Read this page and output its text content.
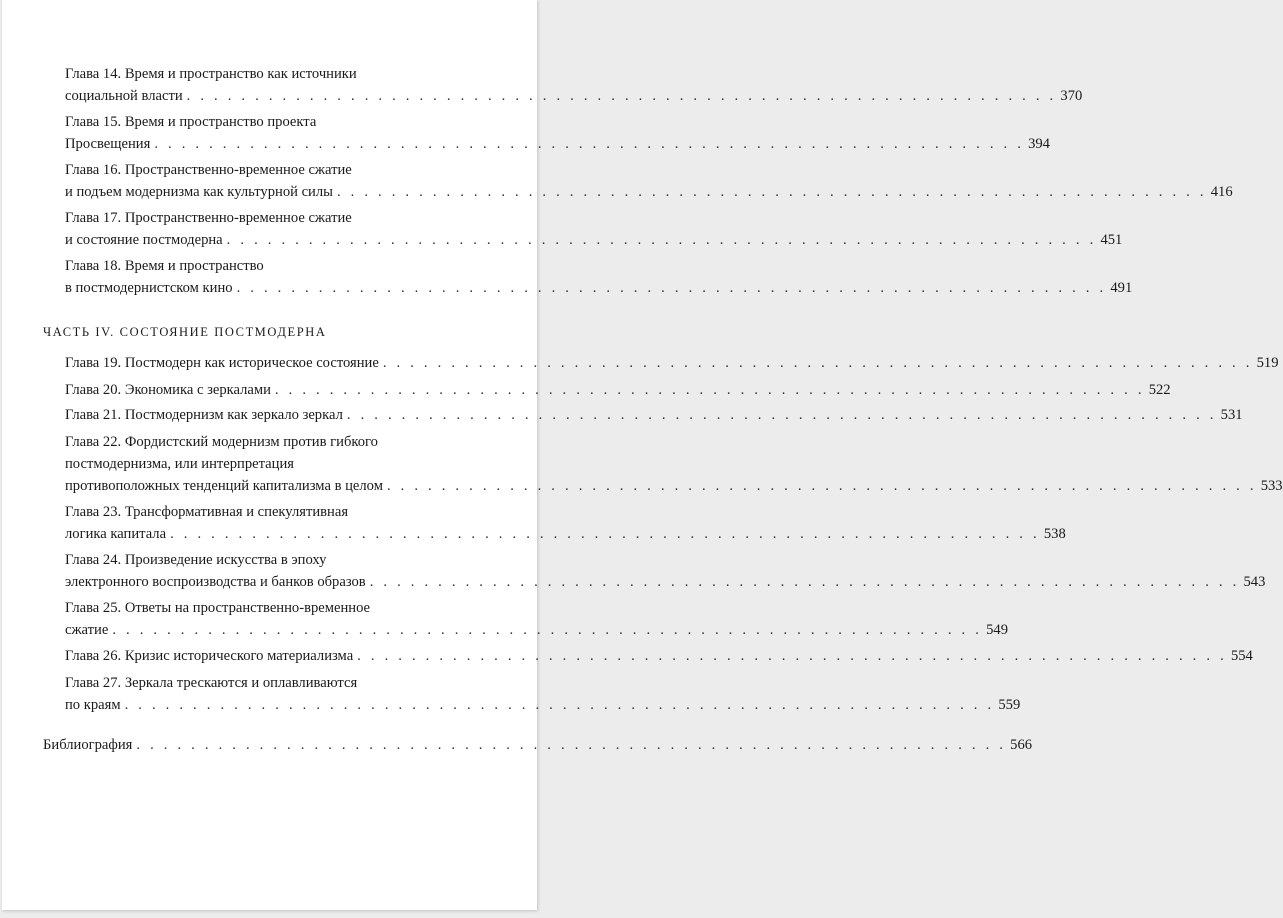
Глава 14. Время и пространство как источники
социальной власти . . . . . . . . . . . . . . . . . . . . . . . . . . . . . . . . . . . . . . . . . . . . . . . . . . . . . . . . . . . . . . . . 370
Глава 15. Время и пространство проекта
Просвещения . . . . . . . . . . . . . . . . . . . . . . . . . . . . . . . . . . . . . . . . . . . . . . . . . . . . . . . . . . . . . . . . 394
Глава 16. Пространственно-временное сжатие
и подъем модернизма как культурной силы . . . . . . . . . . . . . . . . . . . . . . . . . . . . . . . . . . . . . . . . . . . . . . . . . . . . . . . . . . . . . . . . 416
Глава 17. Пространственно-временное сжатие
и состояние постмодерна . . . . . . . . . . . . . . . . . . . . . . . . . . . . . . . . . . . . . . . . . . . . . . . . . . . . . . . . . . . . . . . . 451
Глава 18. Время и пространство
в постмодернистском кино . . . . . . . . . . . . . . . . . . . . . . . . . . . . . . . . . . . . . . . . . . . . . . . . . . . . . . . . . . . . . . . . 491
ЧАСТЬ IV. СОСТОЯНИЕ ПОСТМОДЕРНА
Глава 19. Постмодерн как историческое состояние . . . . . . . . . . . . . . . . . . . . . . . . . . . . . . . . . . . . . . . . . . . . . . . . . . . . . . . . . . . . . . . . 519
Глава 20. Экономика с зеркалами . . . . . . . . . . . . . . . . . . . . . . . . . . . . . . . . . . . . . . . . . . . . . . . . . . . . . . . . . . . . . . . . 522
Глава 21. Постмодернизм как зеркало зеркал . . . . . . . . . . . . . . . . . . . . . . . . . . . . . . . . . . . . . . . . . . . . . . . . . . . . . . . . . . . . . . . . 531
Глава 22. Фордистский модернизм против гибкого
постмодернизма, или интерпретация
противоположных тенденций капитализма в целом . . . . . . . . . . . . . . . . . . . . . . . . . . . . . . . . . . . . . . . . . . . . . . . . . . . . . . . . . . . . . . . . 533
Глава 23. Трансформативная и спекулятивная
логика капитала . . . . . . . . . . . . . . . . . . . . . . . . . . . . . . . . . . . . . . . . . . . . . . . . . . . . . . . . . . . . . . . . 538
Глава 24. Произведение искусства в эпоху
электронного воспроизводства и банков образов . . . . . . . . . . . . . . . . . . . . . . . . . . . . . . . . . . . . . . . . . . . . . . . . . . . . . . . . . . . . . . . . 543
Глава 25. Ответы на пространственно-временное
сжатие . . . . . . . . . . . . . . . . . . . . . . . . . . . . . . . . . . . . . . . . . . . . . . . . . . . . . . . . . . . . . . . . 549
Глава 26. Кризис исторического материализма . . . . . . . . . . . . . . . . . . . . . . . . . . . . . . . . . . . . . . . . . . . . . . . . . . . . . . . . . . . . . . . . 554
Глава 27. Зеркала трескаются и оплавливаются
по краям . . . . . . . . . . . . . . . . . . . . . . . . . . . . . . . . . . . . . . . . . . . . . . . . . . . . . . . . . . . . . . . . 559
Библиография . . . . . . . . . . . . . . . . . . . . . . . . . . . . . . . . . . . . . . . . . . . . . . . . . . . . . . . . . . . . . . . . 566
